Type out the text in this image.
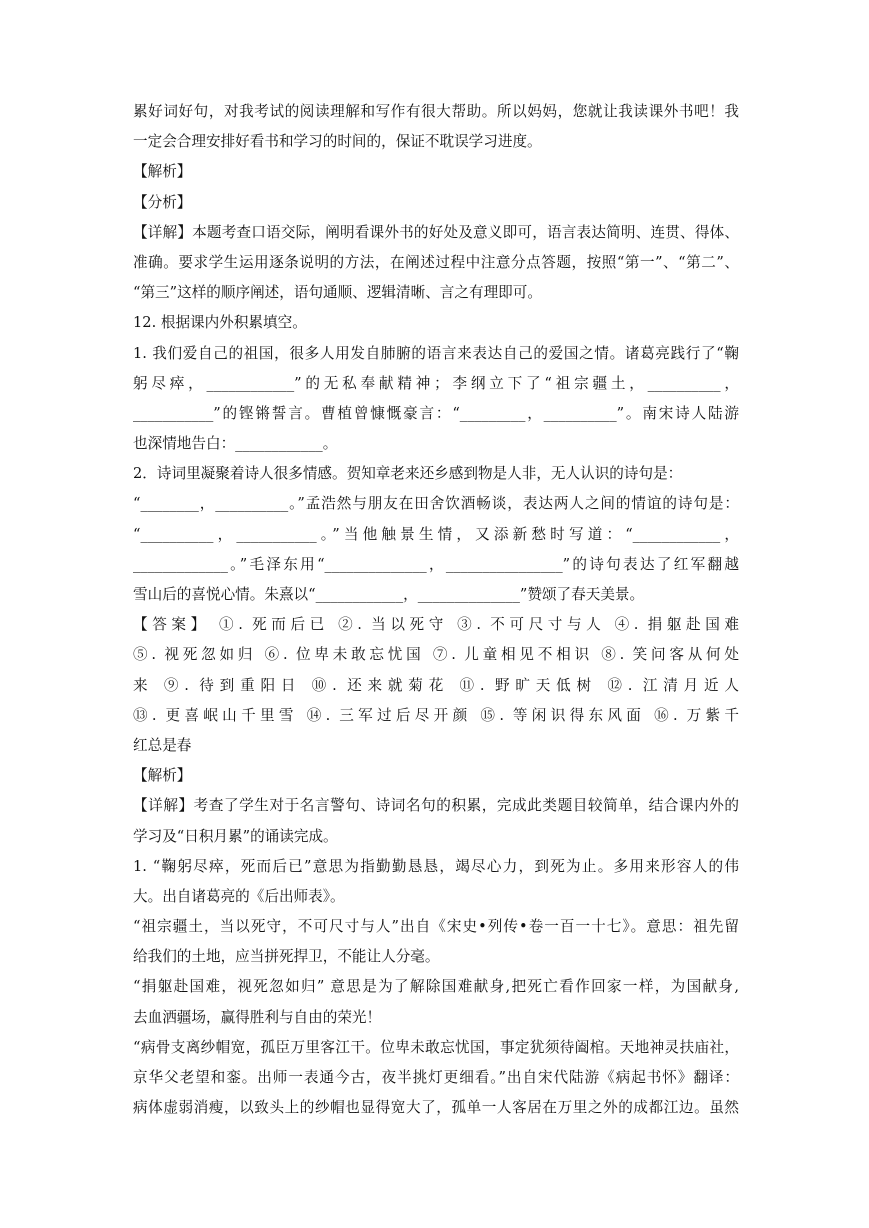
累好词好句，对我考试的阅读理解和写作有很大帮助。所以妈妈，您就让我读课外书吧！我
一定会合理安排好看书和学习的时间的，保证不耽误学习进度。
【解析】
【分析】
【详解】本题考查口语交际，阐明看课外书的好处及意义即可，语言表达简明、连贯、得体、
准确。要求学生运用逐条说明的方法，在阐述过程中注意分点答题，按照“第一”、“第二”、
“第三”这样的顺序阐述，语句通顺、逻辑清晰、言之有理即可。
12. 根据课内外积累填空。
1. 我们爱自己的祖国，很多人用发自肺腑的语言来表达自己的爱国之情。诸葛亮践行了“鞠
躬尽瘁，____________”的无私奉献精神；李纲立下了“祖宗疆土，__________，
___________”的铿锵誓言。曹植曾慷慨豪言：“_________，__________”。南宋诗人陆游
也深情地告白：____________。
2．诗词里凝聚着诗人很多情感。贺知章老来还乡感到物是人非，无人认识的诗句是：
“________，__________。”孟浩然与朋友在田舍饮酒畅谈，表达两人之间的情谊的诗句是：
“__________，___________。”当他触景生情，又添新愁时写道：“____________，
_____________。”毛泽东用“______________，________________”的诗句表达了红军翻越
雪山后的喜悦心情。朱熹以“____________，______________”赞颂了春天美景。
【答案】 ①. 死而后已 ②. 当以死守 ③. 不可尺寸与人 ④. 捐躯赴国难
⑤. 视死忽如归 ⑥. 位卑未敢忘忧国 ⑦. 儿童相见不相识 ⑧. 笑问客从何处
来 ⑨. 待到重阳日 ⑩. 还来就菊花 ⑪. 野旷天低树 ⑫. 江清月近人
⑬. 更喜岷山千里雪 ⑭. 三军过后尽开颜 ⑮. 等闲识得东风面 ⑯. 万紫千
红总是春
【解析】
【详解】考查了学生对于名言警句、诗词名句的积累，完成此类题目较简单，结合课内外的
学习及“日积月累”的诵读完成。
1. “鞠躬尽瘁，死而后已”意思为指勤勤恳恳，竭尽心力，到死为止。多用来形容人的伟
大。出自诸葛亮的《后出师表》。
“祖宗疆土，当以死守，不可尺寸与人”出自《宋史•列传•卷一百一十七》。意思：祖先留
给我们的土地，应当拼死捍卫，不能让人分毫。
“捐躯赴国难，视死忽如归” 意思是为了解除国难献身,把死亡看作回家一样，为国献身,
去血洒疆场，赢得胜利与自由的荣光！
“病骨支离纱帽宽，孤臣万里客江干。位卑未敢忘忧国，事定犹须待阖棺。天地神灵扶庙社，
京华父老望和銮。出师一表通今古，夜半挑灯更细看。”出自宋代陆游《病起书怀》翻译：
病体虚弱消瘦，以致头上的纱帽也显得宽大了，孤单一人客居在万里之外的成都江边。虽然
